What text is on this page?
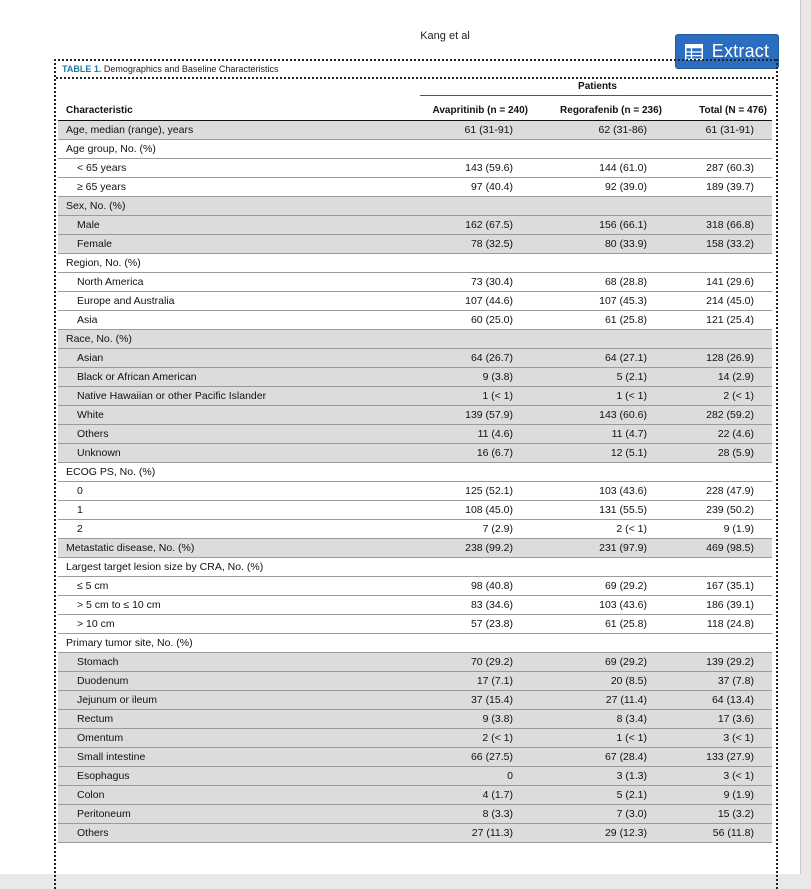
Kang et al
Extract
TABLE 1. Demographics and Baseline Characteristics
Patients
Characteristic	Avapritinib (n = 240)	Regorafenib (n = 236)	Total (N = 476)
Age, median (range), years	61 (31-91)	62 (31-86)	61 (31-91)
Age group, No. (%)			
< 65 years	143 (59.6)	144 (61.0)	287 (60.3)
≥ 65 years	97 (40.4)	92 (39.0)	189 (39.7)
Sex, No. (%)			
Male	162 (67.5)	156 (66.1)	318 (66.8)
Female	78 (32.5)	80 (33.9)	158 (33.2)
Region, No. (%)			
North America	73 (30.4)	68 (28.8)	141 (29.6)
Europe and Australia	107 (44.6)	107 (45.3)	214 (45.0)
Asia	60 (25.0)	61 (25.8)	121 (25.4)
Race, No. (%)			
Asian	64 (26.7)	64 (27.1)	128 (26.9)
Black or African American	9 (3.8)	5 (2.1)	14 (2.9)
Native Hawaiian or other Pacific Islander	1 (< 1)	1 (< 1)	2 (< 1)
White	139 (57.9)	143 (60.6)	282 (59.2)
Others	11 (4.6)	11 (4.7)	22 (4.6)
Unknown	16 (6.7)	12 (5.1)	28 (5.9)
ECOG PS, No. (%)			
0	125 (52.1)	103 (43.6)	228 (47.9)
1	108 (45.0)	131 (55.5)	239 (50.2)
2	7 (2.9)	2 (< 1)	9 (1.9)
Metastatic disease, No. (%)	238 (99.2)	231 (97.9)	469 (98.5)
Largest target lesion size by CRA, No. (%)			
≤ 5 cm	98 (40.8)	69 (29.2)	167 (35.1)
> 5 cm to ≤ 10 cm	83 (34.6)	103 (43.6)	186 (39.1)
> 10 cm	57 (23.8)	61 (25.8)	118 (24.8)
Primary tumor site, No. (%)			
Stomach	70 (29.2)	69 (29.2)	139 (29.2)
Duodenum	17 (7.1)	20 (8.5)	37 (7.8)
Jejunum or ileum	37 (15.4)	27 (11.4)	64 (13.4)
Rectum	9 (3.8)	8 (3.4)	17 (3.6)
Omentum	2 (< 1)	1 (< 1)	3 (< 1)
Small intestine	66 (27.5)	67 (28.4)	133 (27.9)
Esophagus	0	3 (1.3)	3 (< 1)
Colon	4 (1.7)	5 (2.1)	9 (1.9)
Peritoneum	8 (3.3)	7 (3.0)	15 (3.2)
Others	27 (11.3)	29 (12.3)	56 (11.8)
